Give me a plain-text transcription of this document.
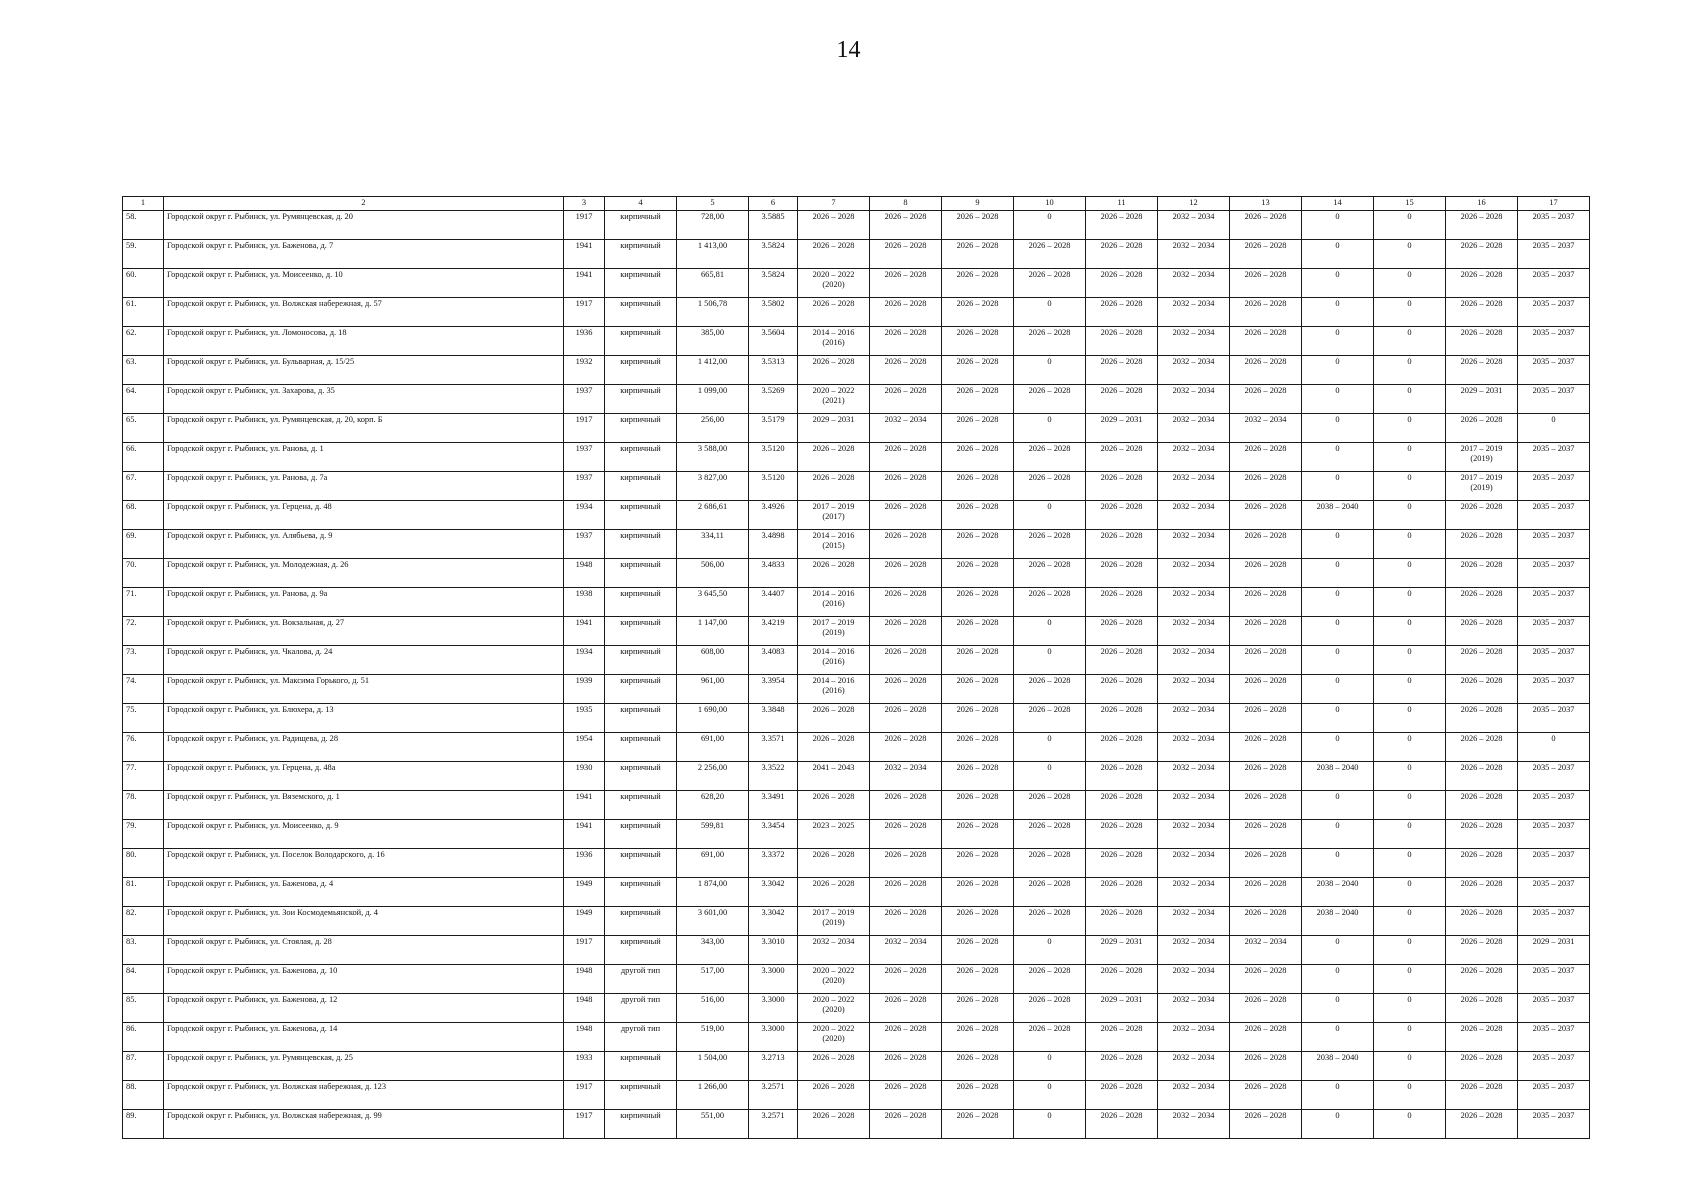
14
1	2	3	4	5	6	7	8	9	10	11	12	13	14	15	16	17
58.	Городской округ г. Рыбинск, ул. Румянцевская, д. 20	1917	кирпичный	728,00	3.5885	2026 – 2028	2026 – 2028	2026 – 2028	0	2026 – 2028	2032 – 2034	2026 – 2028	0	0	2026 – 2028	2035 – 2037
59.	Городской округ г. Рыбинск, ул. Баженова, д. 7	1941	кирпичный	1 413,00	3.5824	2026 – 2028	2026 – 2028	2026 – 2028	2026 – 2028	2026 – 2028	2032 – 2034	2026 – 2028	0	0	2026 – 2028	2035 – 2037
60.	Городской округ г. Рыбинск, ул. Моисеенко, д. 10	1941	кирпичный	665,81	3.5824	2020 – 2022 (2020)	2026 – 2028	2026 – 2028	2026 – 2028	2026 – 2028	2032 – 2034	2026 – 2028	0	0	2026 – 2028	2035 – 2037
61.	Городской округ г. Рыбинск, ул. Волжская набережная, д. 57	1917	кирпичный	1 506,78	3.5802	2026 – 2028	2026 – 2028	2026 – 2028	0	2026 – 2028	2032 – 2034	2026 – 2028	0	0	2026 – 2028	2035 – 2037
62.	Городской округ г. Рыбинск, ул. Ломоносова, д. 18	1936	кирпичный	385,00	3.5604	2014 – 2016 (2016)	2026 – 2028	2026 – 2028	2026 – 2028	2026 – 2028	2032 – 2034	2026 – 2028	0	0	2026 – 2028	2035 – 2037
63.	Городской округ г. Рыбинск, ул. Бульварная, д. 15/25	1932	кирпичный	1 412,00	3.5313	2026 – 2028	2026 – 2028	2026 – 2028	0	2026 – 2028	2032 – 2034	2026 – 2028	0	0	2026 – 2028	2035 – 2037
64.	Городской округ г. Рыбинск, ул. Захарова, д. 35	1937	кирпичный	1 099,00	3.5269	2020 – 2022 (2021)	2026 – 2028	2026 – 2028	2026 – 2028	2026 – 2028	2032 – 2034	2026 – 2028	0	0	2029 – 2031	2035 – 2037
65.	Городской округ г. Рыбинск, ул. Румянцевская, д. 20, корп. Б	1917	кирпичный	256,00	3.5179	2029 – 2031	2032 – 2034	2026 – 2028	0	2029 – 2031	2032 – 2034	2032 – 2034	0	0	2026 – 2028	0
66.	Городской округ г. Рыбинск, ул. Ранова, д. 1	1937	кирпичный	3 588,00	3.5120	2026 – 2028	2026 – 2028	2026 – 2028	2026 – 2028	2026 – 2028	2032 – 2034	2026 – 2028	0	0	2017 – 2019 (2019)	2035 – 2037
67.	Городской округ г. Рыбинск, ул. Ранова, д. 7а	1937	кирпичный	3 827,00	3.5120	2026 – 2028	2026 – 2028	2026 – 2028	2026 – 2028	2026 – 2028	2032 – 2034	2026 – 2028	0	0	2017 – 2019 (2019)	2035 – 2037
68.	Городской округ г. Рыбинск, ул. Герцена, д. 48	1934	кирпичный	2 686,61	3.4926	2017 – 2019 (2017)	2026 – 2028	2026 – 2028	0	2026 – 2028	2032 – 2034	2026 – 2028	2038 – 2040	0	2026 – 2028	2035 – 2037
69.	Городской округ г. Рыбинск, ул. Алябьева, д. 9	1937	кирпичный	334,11	3.4898	2014 – 2016 (2015)	2026 – 2028	2026 – 2028	2026 – 2028	2026 – 2028	2032 – 2034	2026 – 2028	0	0	2026 – 2028	2035 – 2037
70.	Городской округ г. Рыбинск, ул. Молодежная, д. 26	1948	кирпичный	506,00	3.4833	2026 – 2028	2026 – 2028	2026 – 2028	2026 – 2028	2026 – 2028	2032 – 2034	2026 – 2028	0	0	2026 – 2028	2035 – 2037
71.	Городской округ г. Рыбинск, ул. Ранова, д. 9а	1938	кирпичный	3 645,50	3.4407	2014 – 2016 (2016)	2026 – 2028	2026 – 2028	2026 – 2028	2026 – 2028	2032 – 2034	2026 – 2028	0	0	2026 – 2028	2035 – 2037
72.	Городской округ г. Рыбинск, ул. Вокзальная, д. 27	1941	кирпичный	1 147,00	3.4219	2017 – 2019 (2019)	2026 – 2028	2026 – 2028	0	2026 – 2028	2032 – 2034	2026 – 2028	0	0	2026 – 2028	2035 – 2037
73.	Городской округ г. Рыбинск, ул. Чкалова, д. 24	1934	кирпичный	608,00	3.4083	2014 – 2016 (2016)	2026 – 2028	2026 – 2028	0	2026 – 2028	2032 – 2034	2026 – 2028	0	0	2026 – 2028	2035 – 2037
74.	Городской округ г. Рыбинск, ул. Максима Горького, д. 51	1939	кирпичный	961,00	3.3954	2014 – 2016 (2016)	2026 – 2028	2026 – 2028	2026 – 2028	2026 – 2028	2032 – 2034	2026 – 2028	0	0	2026 – 2028	2035 – 2037
75.	Городской округ г. Рыбинск, ул. Блюхера, д. 13	1935	кирпичный	1 690,00	3.3848	2026 – 2028	2026 – 2028	2026 – 2028	2026 – 2028	2026 – 2028	2032 – 2034	2026 – 2028	0	0	2026 – 2028	2035 – 2037
76.	Городской округ г. Рыбинск, ул. Радищева, д. 28	1954	кирпичный	691,00	3.3571	2026 – 2028	2026 – 2028	2026 – 2028	0	2026 – 2028	2032 – 2034	2026 – 2028	0	0	2026 – 2028	0
77.	Городской округ г. Рыбинск, ул. Герцена, д. 48а	1930	кирпичный	2 256,00	3.3522	2041 – 2043	2032 – 2034	2026 – 2028	0	2026 – 2028	2032 – 2034	2026 – 2028	2038 – 2040	0	2026 – 2028	2035 – 2037
78.	Городской округ г. Рыбинск, ул. Вяземского, д. 1	1941	кирпичный	628,20	3.3491	2026 – 2028	2026 – 2028	2026 – 2028	2026 – 2028	2026 – 2028	2032 – 2034	2026 – 2028	0	0	2026 – 2028	2035 – 2037
79.	Городской округ г. Рыбинск, ул. Моисеенко, д. 9	1941	кирпичный	599,81	3.3454	2023 – 2025	2026 – 2028	2026 – 2028	2026 – 2028	2026 – 2028	2032 – 2034	2026 – 2028	0	0	2026 – 2028	2035 – 2037
80.	Городской округ г. Рыбинск, ул. Поселок Володарского, д. 16	1936	кирпичный	691,00	3.3372	2026 – 2028	2026 – 2028	2026 – 2028	2026 – 2028	2026 – 2028	2032 – 2034	2026 – 2028	0	0	2026 – 2028	2035 – 2037
81.	Городской округ г. Рыбинск, ул. Баженова, д. 4	1949	кирпичный	1 874,00	3.3042	2026 – 2028	2026 – 2028	2026 – 2028	2026 – 2028	2026 – 2028	2032 – 2034	2026 – 2028	2038 – 2040	0	2026 – 2028	2035 – 2037
82.	Городской округ г. Рыбинск, ул. Зои Космодемьянской, д. 4	1949	кирпичный	3 601,00	3.3042	2017 – 2019 (2019)	2026 – 2028	2026 – 2028	2026 – 2028	2026 – 2028	2032 – 2034	2026 – 2028	2038 – 2040	0	2026 – 2028	2035 – 2037
83.	Городской округ г. Рыбинск, ул. Стоялая, д. 28	1917	кирпичный	343,00	3.3010	2032 – 2034	2032 – 2034	2026 – 2028	0	2029 – 2031	2032 – 2034	2032 – 2034	0	0	2026 – 2028	2029 – 2031
84.	Городской округ г. Рыбинск, ул. Баженова, д. 10	1948	другой тип	517,00	3.3000	2020 – 2022 (2020)	2026 – 2028	2026 – 2028	2026 – 2028	2026 – 2028	2032 – 2034	2026 – 2028	0	0	2026 – 2028	2035 – 2037
85.	Городской округ г. Рыбинск, ул. Баженова, д. 12	1948	другой тип	516,00	3.3000	2020 – 2022 (2020)	2026 – 2028	2026 – 2028	2026 – 2028	2029 – 2031	2032 – 2034	2026 – 2028	0	0	2026 – 2028	2035 – 2037
86.	Городской округ г. Рыбинск, ул. Баженова, д. 14	1948	другой тип	519,00	3.3000	2020 – 2022 (2020)	2026 – 2028	2026 – 2028	2026 – 2028	2026 – 2028	2032 – 2034	2026 – 2028	0	0	2026 – 2028	2035 – 2037
87.	Городской округ г. Рыбинск, ул. Румянцевская, д. 25	1933	кирпичный	1 504,00	3.2713	2026 – 2028	2026 – 2028	2026 – 2028	0	2026 – 2028	2032 – 2034	2026 – 2028	2038 – 2040	0	2026 – 2028	2035 – 2037
88.	Городской округ г. Рыбинск, ул. Волжская набережная, д. 123	1917	кирпичный	1 266,00	3.2571	2026 – 2028	2026 – 2028	2026 – 2028	0	2026 – 2028	2032 – 2034	2026 – 2028	0	0	2026 – 2028	2035 – 2037
89.	Городской округ г. Рыбинск, ул. Волжская набережная, д. 99	1917	кирпичный	551,00	3.2571	2026 – 2028	2026 – 2028	2026 – 2028	0	2026 – 2028	2032 – 2034	2026 – 2028	0	0	2026 – 2028	2035 – 2037
